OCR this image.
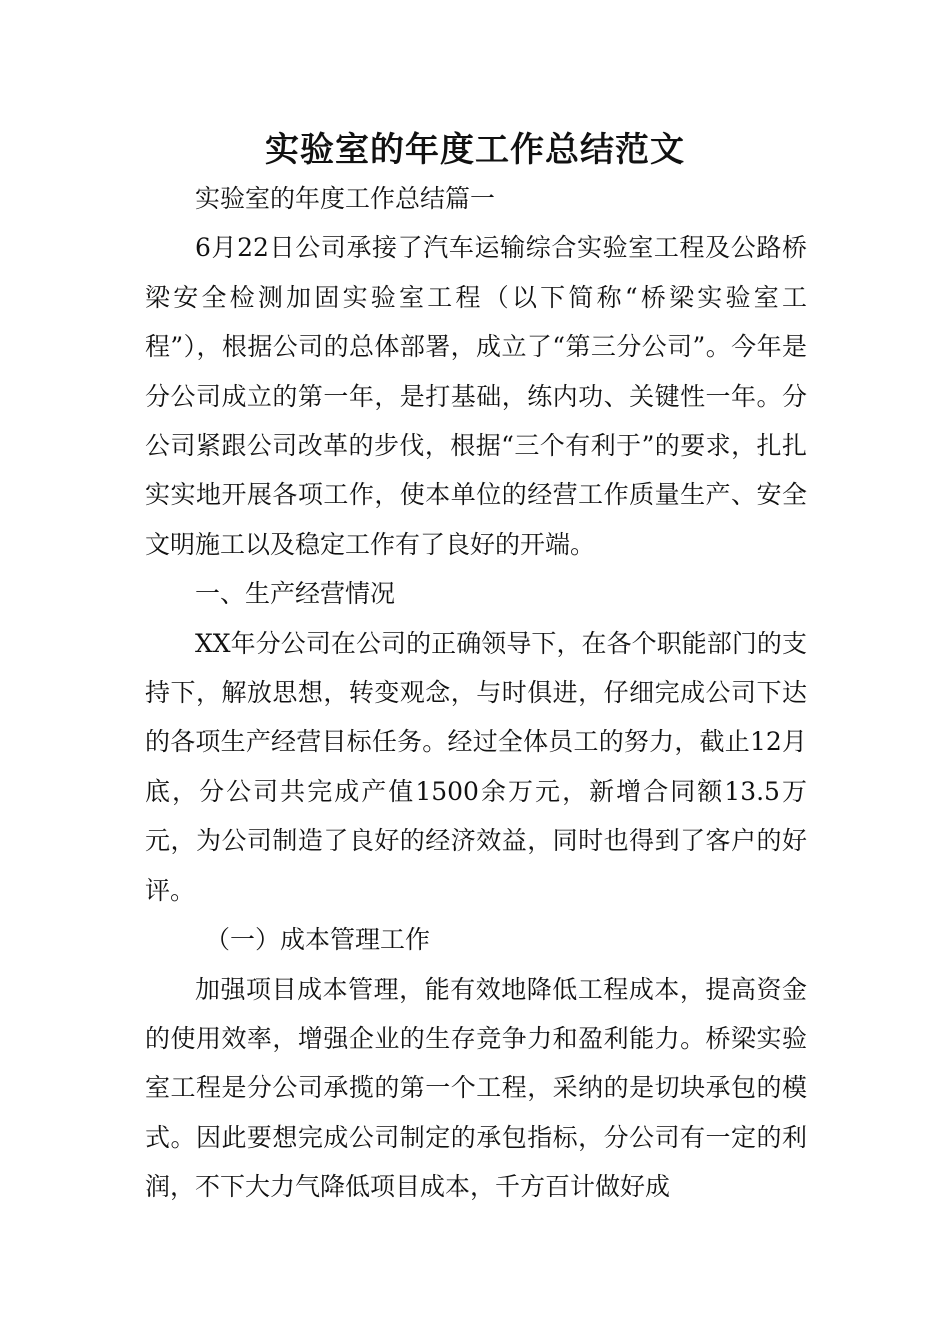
实验室的年度工作总结范文

实验室的年度工作总结篇一

6月22日公司承接了汽车运输综合实验室工程及公路桥梁安全检测加固实验室工程（以下简称“桥梁实验室工程”），根据公司的总体部署，成立了“第三分公司”。今年是分公司成立的第一年，是打基础，练内功、关键性一年。分公司紧跟公司改革的步伐，根据“三个有利于”的要求，扎扎实实地开展各项工作，使本单位的经营工作质量生产、安全文明施工以及稳定工作有了良好的开端。

一、生产经营情况

XX年分公司在公司的正确领导下，在各个职能部门的支持下，解放思想，转变观念，与时俱进，仔细完成公司下达的各项生产经营目标任务。经过全体员工的努力，截止12月底，分公司共完成产值1500余万元，新增合同额13.5万元，为公司制造了良好的经济效益，同时也得到了客户的好评。

（一）成本管理工作

加强项目成本管理，能有效地降低工程成本，提高资金的使用效率，增强企业的生存竞争力和盈利能力。桥梁实验室工程是分公司承揽的第一个工程，采纳的是切块承包的模式。因此要想完成公司制定的承包指标，分公司有一定的利润，不下大力气降低项目成本，千方百计做好成
